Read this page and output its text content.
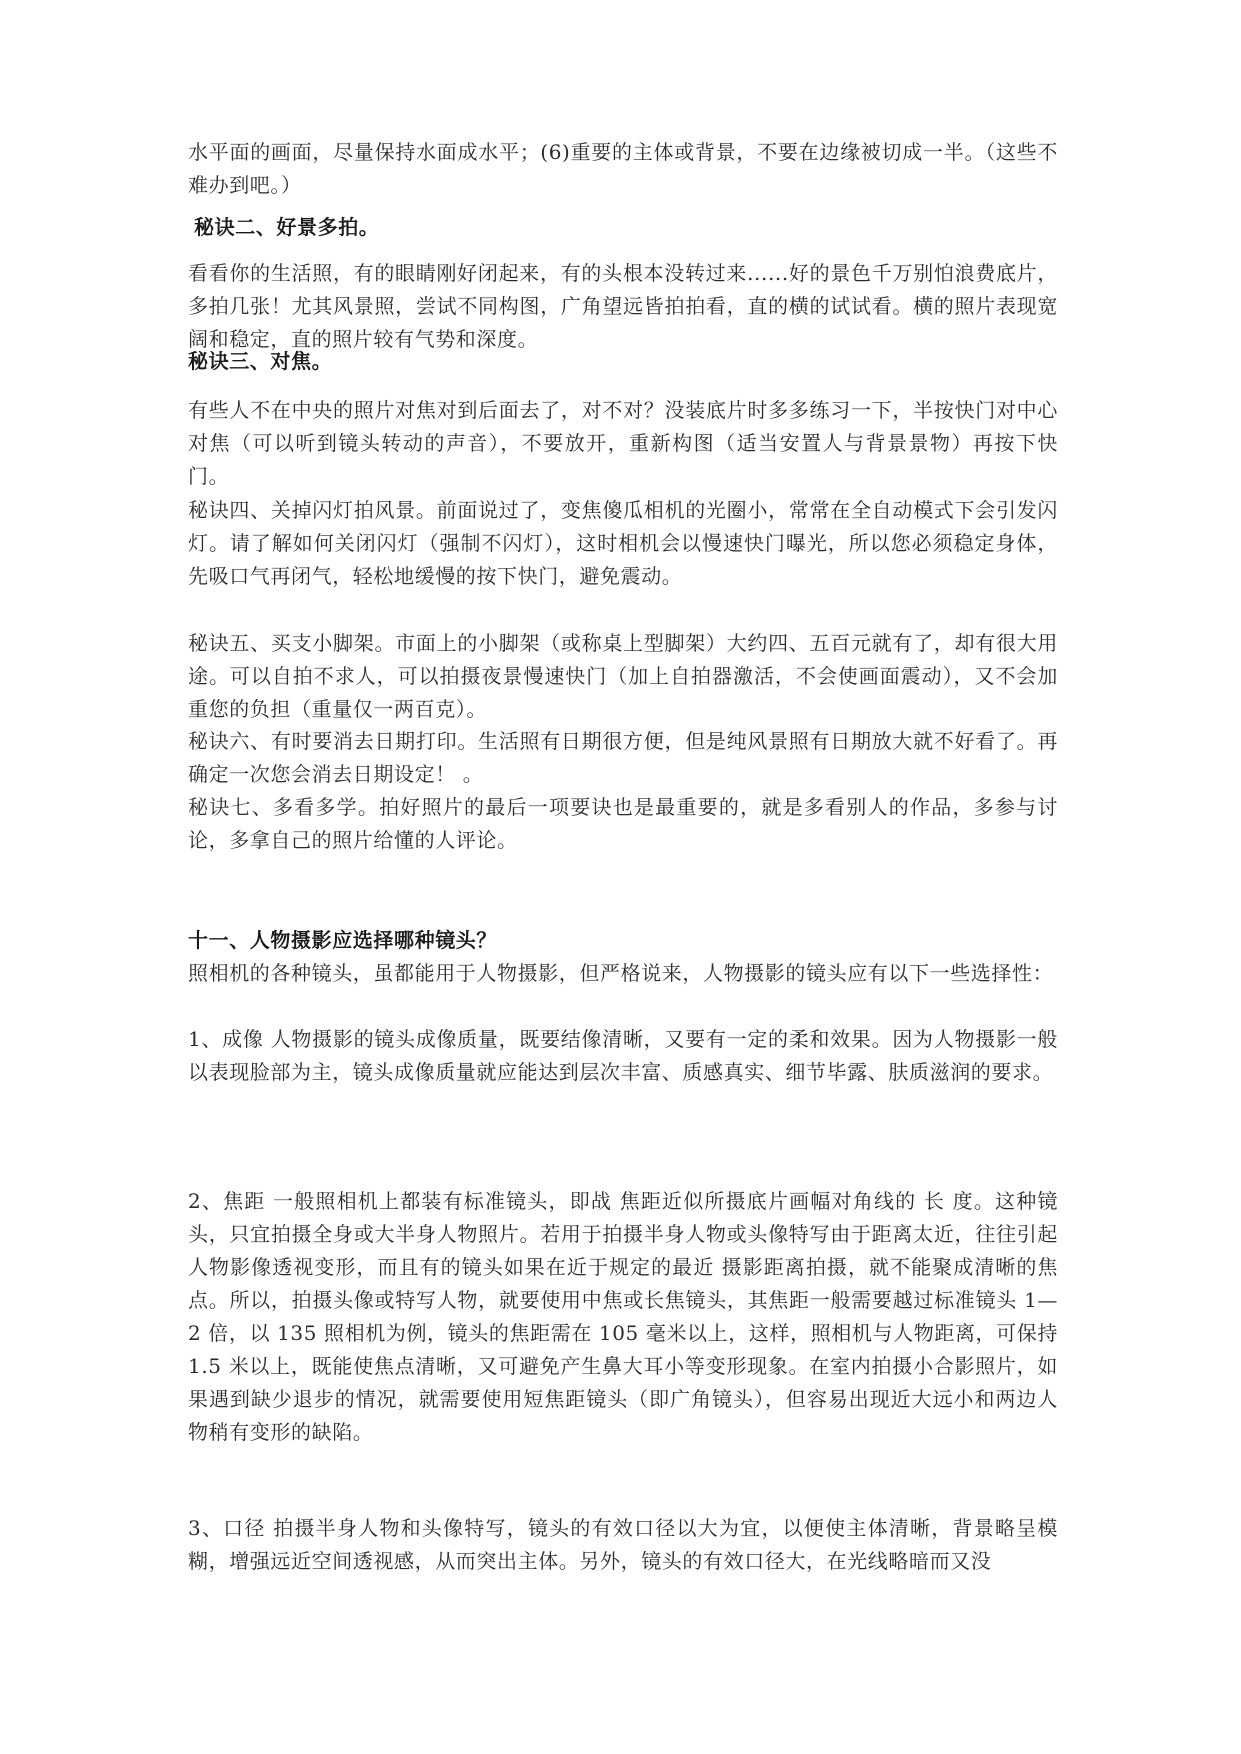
水平面的画面，尽量保持水面成水平；(6)重要的主体或背景，不要在边缘被切成一半。（这些不难办到吧。）

秘诀二、好景多拍。

看看你的生活照，有的眼睛刚好闭起来，有的头根本没转过来......好的景色千万别怕浪费底片，多拍几张！尤其风景照，尝试不同构图，广角望远皆拍拍看，直的横的试试看。横的照片表现宽阔和稳定，直的照片较有气势和深度。

秘诀三、对焦。

有些人不在中央的照片对焦对到后面去了，对不对？没装底片时多多练习一下，半按快门对中心对焦（可以听到镜头转动的声音），不要放开，重新构图（适当安置人与背景景物）再按下快门。

秘诀四、关掉闪灯拍风景。前面说过了，变焦傻瓜相机的光圈小，常常在全自动模式下会引发闪灯。请了解如何关闭闪灯（强制不闪灯），这时相机会以慢速快门曝光，所以您必须稳定身体，先吸口气再闭气，轻松地缓慢的按下快门，避免震动。

秘诀五、买支小脚架。市面上的小脚架（或称桌上型脚架）大约四、五百元就有了，却有很大用途。可以自拍不求人，可以拍摄夜景慢速快门（加上自拍器激活，不会使画面震动），又不会加重您的负担（重量仅一两百克）。

秘诀六、有时要消去日期打印。生活照有日期很方便，但是纯风景照有日期放大就不好看了。再确定一次您会消去日期设定！ 。

秘诀七、多看多学。拍好照片的最后一项要诀也是最重要的，就是多看别人的作品，多参与讨论，多拿自己的照片给懂的人评论。

十一、人物摄影应选择哪种镜头？

照相机的各种镜头，虽都能用于人物摄影，但严格说来，人物摄影的镜头应有以下一些选择性：

1、成像 人物摄影的镜头成像质量，既要结像清晰，又要有一定的柔和效果。因为人物摄影一般以表现脸部为主，镜头成像质量就应能达到层次丰富、质感真实、细节毕露、肤质滋润的要求。

2、焦距 一般照相机上都装有标准镜头，即战 焦距近似所摄底片画幅对角线的 长 度。这种镜头，只宜拍摄全身或大半身人物照片。若用于拍摄半身人物或头像特写由于距离太近，往往引起人物影像透视变形，而且有的镜头如果在近于规定的最近 摄影距离拍摄，就不能聚成清晰的焦点。所以，拍摄头像或特写人物，就要使用中焦或长焦镜头，其焦距一般需要越过标准镜头 1—2 倍，以 135 照相机为例，镜头的焦距需在 105 毫米以上，这样，照相机与人物距离，可保持 1.5 米以上，既能使焦点清晰，又可避免产生鼻大耳小等变形现象。在室内拍摄小合影照片，如果遇到缺少退步的情况，就需要使用短焦距镜头（即广角镜头），但容易出现近大远小和两边人物稍有变形的缺陷。

3、口径 拍摄半身人物和头像特写，镜头的有效口径以大为宜，以便使主体清晰，背景略呈模糊，增强远近空间透视感，从而突出主体。另外，镜头的有效口径大，在光线略暗而又没
